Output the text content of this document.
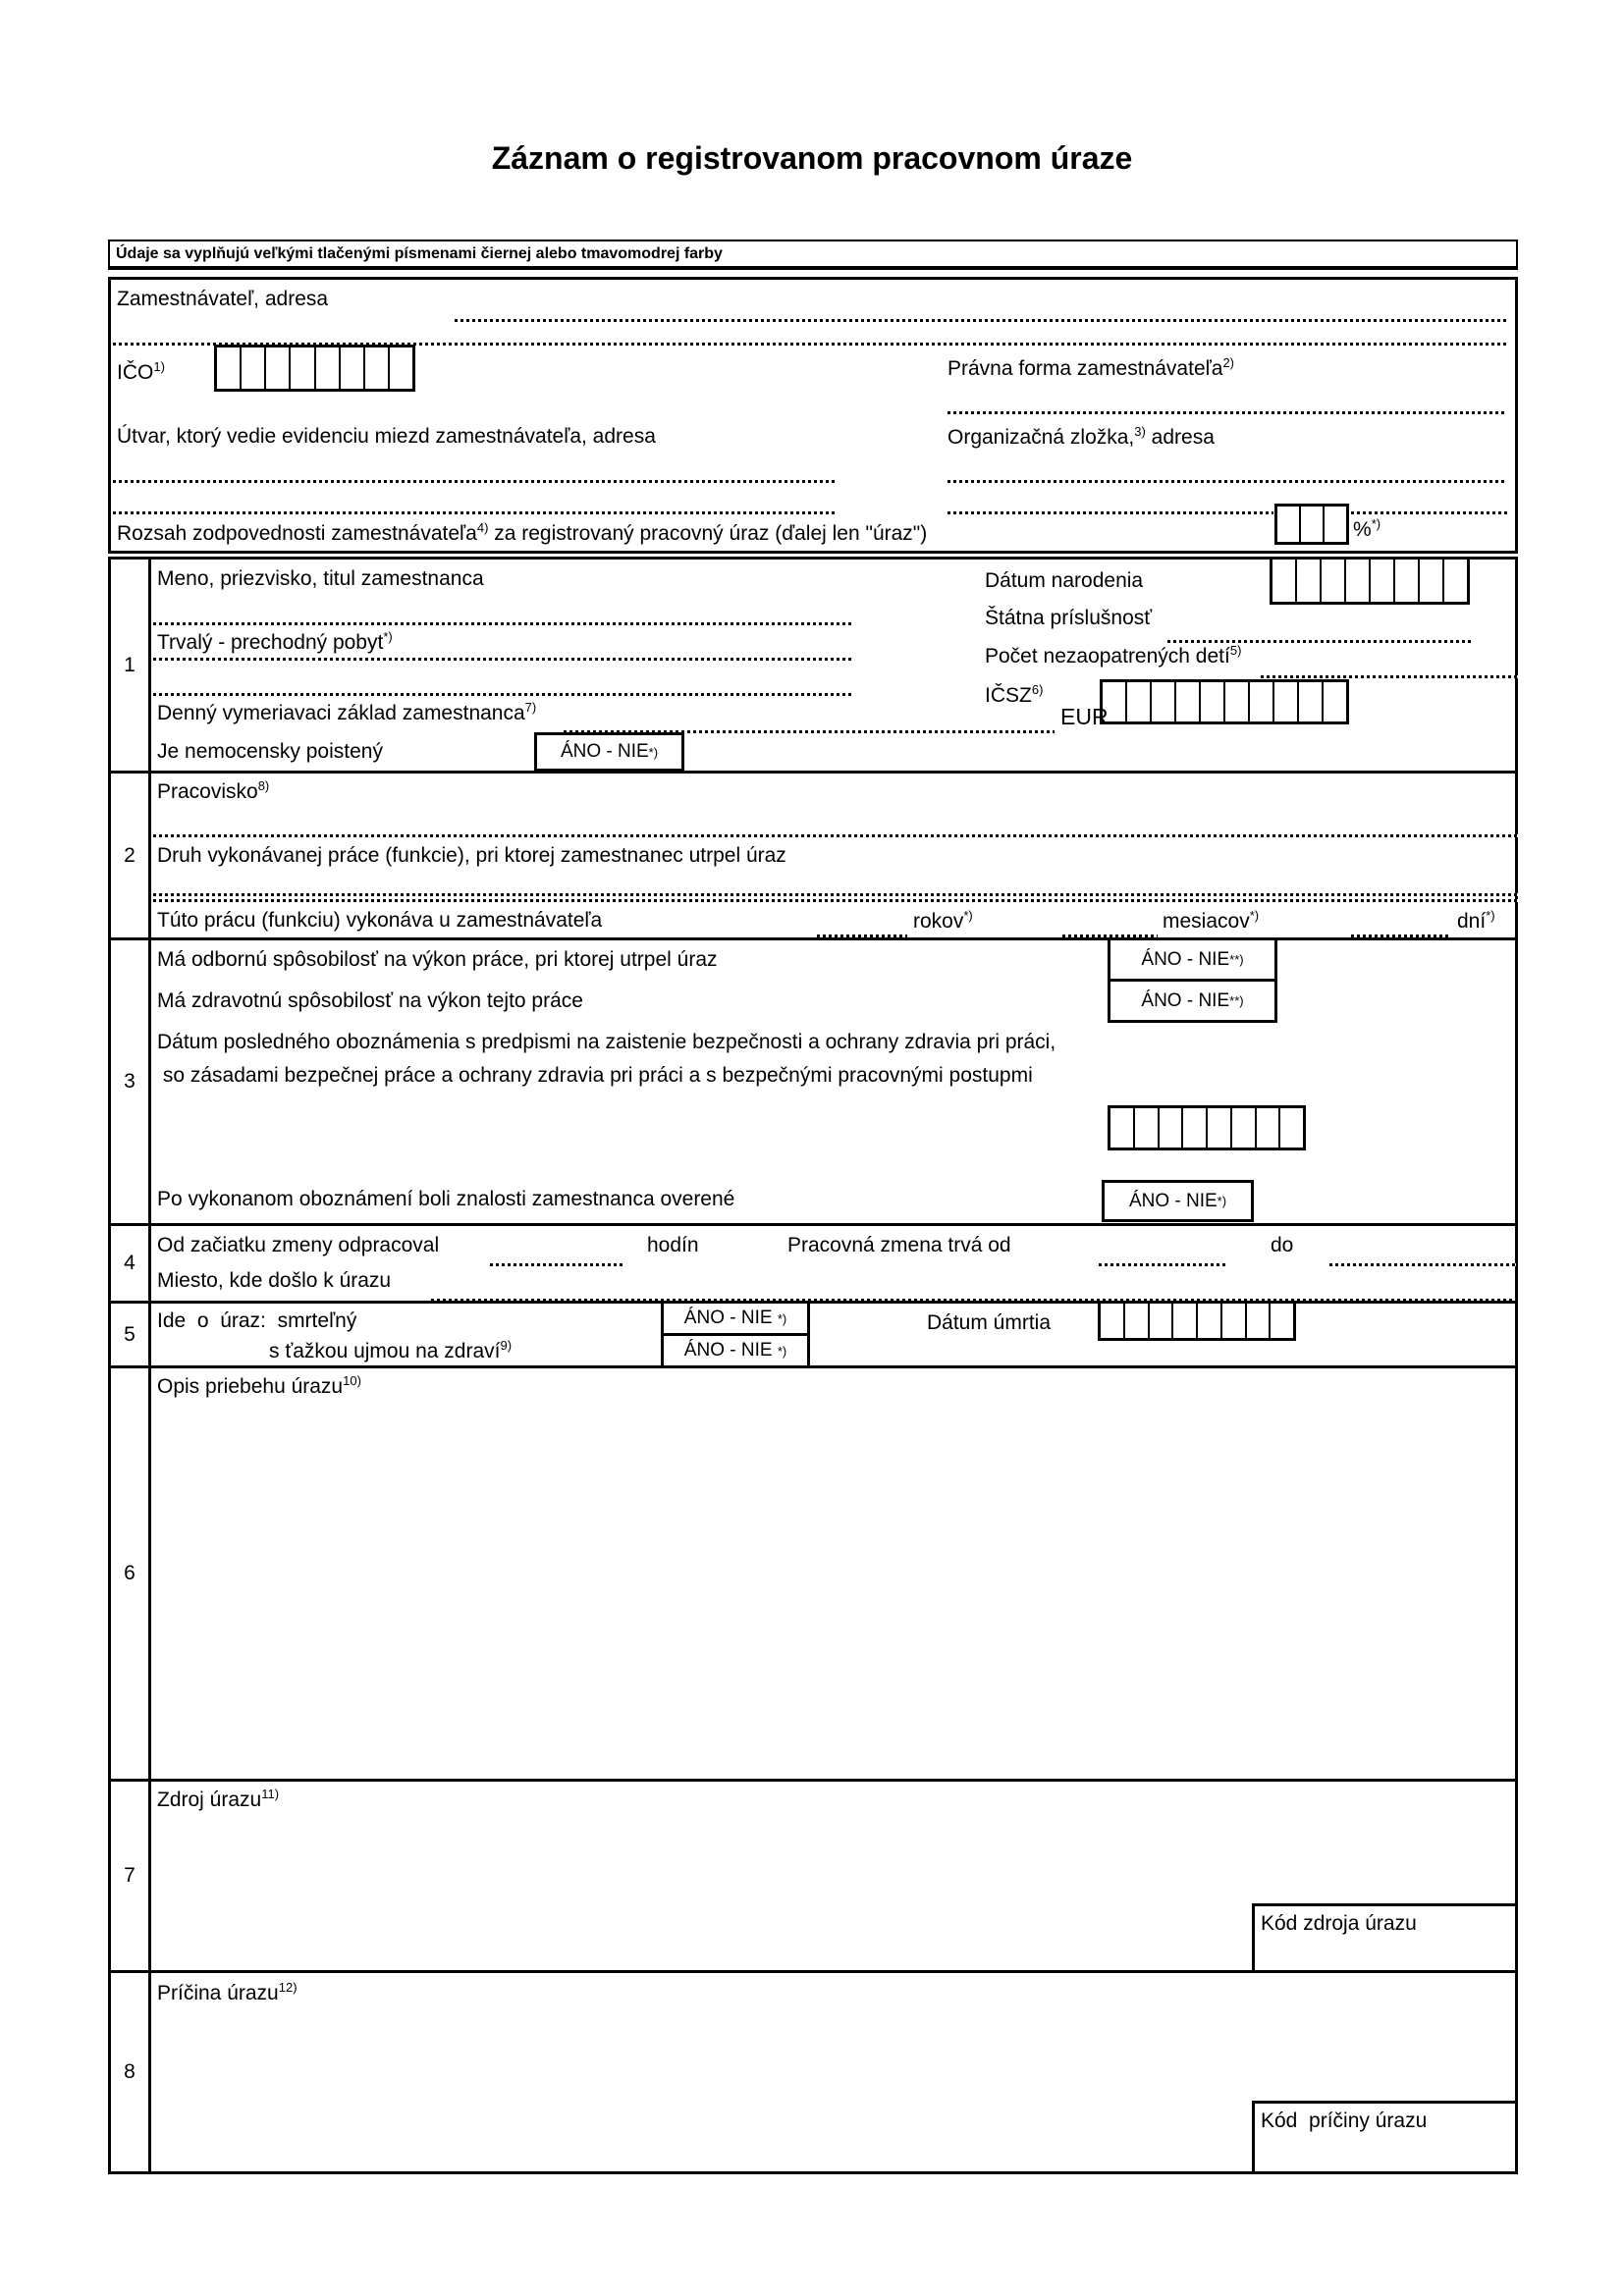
Záznam o registrovanom pracovnom úraze
Údaje sa vyplňujú veľkými tlačenými písmenami čiernej alebo tmavomodrej farby
Zamestnávateľ, adresa
IČO$^{1)}$	Právna forma zamestnávateľa$^{2)}$
Útvar, ktorý vedie evidenciu miezd zamestnávateľa, adresa	Organizačná zložka,$^{3)}$ adresa
%*)
Rozsah zodpovednosti zamestnávateľa$^{4)}$ za registrovaný pracovný úraz (ďalej len "úraz")
1
Meno, priezvisko, titul zamestnanca	Dátum narodenia
Štátna príslušnosť
Trvalý - prechodný pobyt*)
Počet nezaopatrených detí$^{5)}$
IČSZ$^{6)}$
Denný vymeriavaci základ zamestnanca$^{7)}$	EUR
Je nemocensky poistený	ÁNO - NIE *)
2
Pracovisko$^{8)}$
Druh vykonávanej práce (funkcie), pri ktorej zamestnanec utrpel úraz
Túto prácu (funkciu) vykonáva u zamestnávateľa	rokov*)	mesiacov*)	dní*)
3
Má odbornú spôsobilosť na výkon práce, pri ktorej utrpel úraz	ÁNO - NIE **)
Má zdravotnú spôsobilosť na výkon tejto práce	ÁNO - NIE **)
Dátum posledného oboznámenia s predpismi na zaistenie bezpečnosti a ochrany zdravia pri práci,
so zásadami bezpečnej práce a ochrany zdravia pri práci a s bezpečnými pracovnými postupmi
Po vykonanom oboznámení boli znalosti zamestnanca overené	ÁNO - NIE *)
4
Od začiatku zmeny odpracoval	hodín	Pracovná zmena trvá od	do
Miesto, kde došlo k úrazu
5
Ide  o  úraz:  smrteľný	ÁNO - NIE *)	Dátum úmrtia
s ťažkou ujmou na zdraví$^{9)}$	ÁNO - NIE *)
6
Opis priebehu úrazu$^{10)}$
7
Zdroj úrazu$^{11)}$
Kód zdroja úrazu
8
Príčina úrazu$^{12)}$
Kód  príčiny úrazu
